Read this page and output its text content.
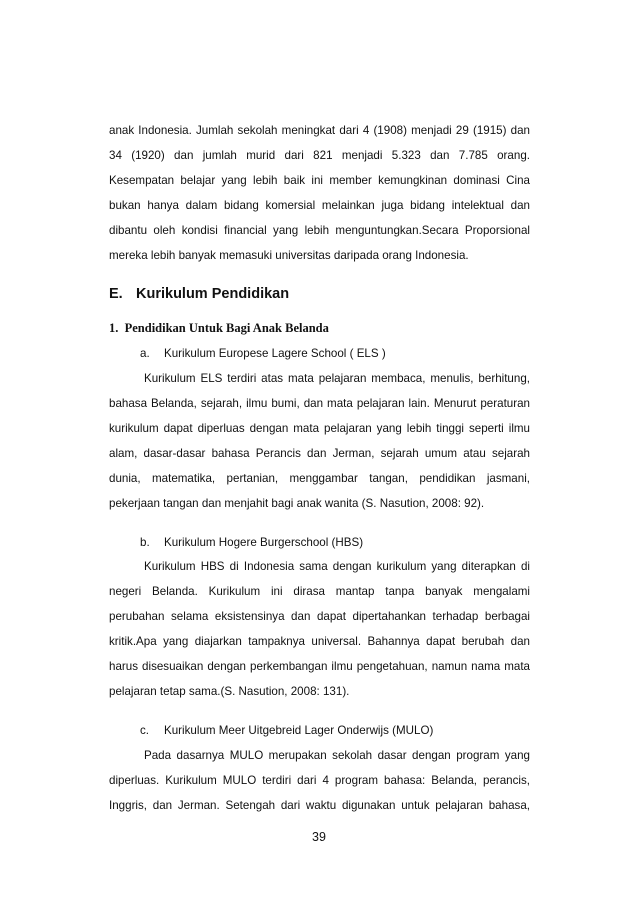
anak Indonesia. Jumlah sekolah meningkat dari 4 (1908) menjadi 29 (1915) dan
34 (1920) dan jumlah murid dari 821 menjadi 5.323 dan 7.785 orang.
Kesempatan belajar yang lebih baik ini member kemungkinan dominasi Cina
bukan hanya dalam bidang komersial melainkan juga bidang intelektual dan
dibantu oleh kondisi financial yang lebih menguntungkan.Secara Proporsional
mereka lebih banyak memasuki universitas daripada orang Indonesia.
E. Kurikulum Pendidikan
1. Pendidikan Untuk Bagi Anak Belanda
a. Kurikulum Europese Lagere School ( ELS )
Kurikulum ELS terdiri atas mata pelajaran membaca, menulis, berhitung,
bahasa Belanda, sejarah, ilmu bumi, dan mata pelajaran lain. Menurut peraturan
kurikulum dapat diperluas dengan mata pelajaran yang lebih tinggi seperti ilmu
alam, dasar-dasar bahasa Perancis dan Jerman, sejarah umum atau sejarah
dunia, matematika, pertanian, menggambar tangan, pendidikan jasmani,
pekerjaan tangan dan menjahit bagi anak wanita (S. Nasution, 2008: 92).
b. Kurikulum Hogere Burgerschool (HBS)
Kurikulum HBS di Indonesia sama dengan kurikulum yang diterapkan di
negeri Belanda. Kurikulum ini dirasa mantap tanpa banyak mengalami
perubahan selama eksistensinya dan dapat dipertahankan terhadap berbagai
kritik.Apa yang diajarkan tampaknya universal. Bahannya dapat berubah dan
harus disesuaikan dengan perkembangan ilmu pengetahuan, namun nama mata
pelajaran tetap sama.(S. Nasution, 2008: 131).
c. Kurikulum Meer Uitgebreid Lager Onderwijs (MULO)
Pada dasarnya MULO merupakan sekolah dasar dengan program yang
diperluas. Kurikulum MULO terdiri dari 4 program bahasa: Belanda, perancis,
Inggris, dan Jerman. Setengah dari waktu digunakan untuk pelajaran bahasa,
39
